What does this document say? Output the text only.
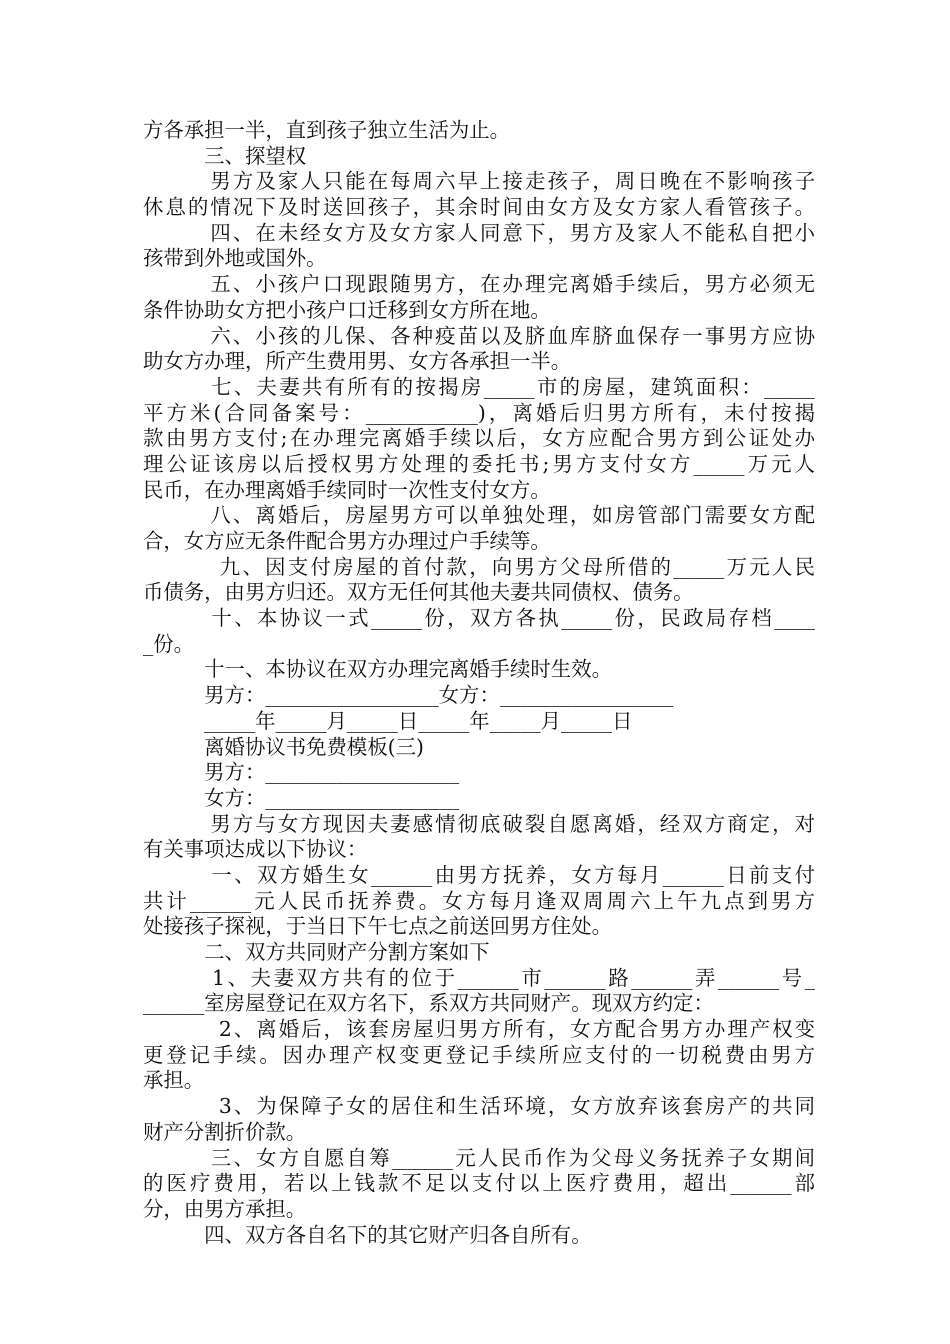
方各承担一半，直到孩子独立生活为止。
　　　三、探望权
　　　男方及家人只能在每周六早上接走孩子，周日晚在不影响孩子
休息的情况下及时送回孩子，其余时间由女方及女方家人看管孩子。
　　　四、在未经女方及女方家人同意下，男方及家人不能私自把小
孩带到外地或国外。
　　　五、小孩户口现跟随男方，在办理完离婚手续后，男方必须无
条件协助女方把小孩户口迁移到女方所在地。
　　　六、小孩的儿保、各种疫苗以及脐血库脐血保存一事男方应协
助女方办理，所产生费用男、女方各承担一半。
　　　七、夫妻共有所有的按揭房_____市的房屋，建筑面积：_____
平方米(合同备案号：___________)，离婚后归男方所有，未付按揭
款由男方支付;在办理完离婚手续以后，女方应配合男方到公证处办
理公证该房以后授权男方处理的委托书;男方支付女方_____万元人
民币，在办理离婚手续同时一次性支付女方。
　　　八、离婚后，房屋男方可以单独处理，如房管部门需要女方配
合，女方应无条件配合男方办理过户手续等。
　　　 九、因支付房屋的首付款，向男方父母所借的_____万元人民
币债务，由男方归还。双方无任何其他夫妻共同债权、债务。
　　　十、本协议一式_____份，双方各执_____份，民政局存档____
_份。
　　　十一、本协议在双方办理完离婚手续时生效。
　　　男方：_________________女方：_________________
　　　_____年_____月_____日_____年_____月_____日
　　　离婚协议书免费模板(三)
　　　男方：___________________
　　　女方：___________________
　　　男方与女方现因夫妻感情彻底破裂自愿离婚，经双方商定，对
有关事项达成以下协议：
　　　一、双方婚生女______由男方抚养，女方每月______日前支付
共计______元人民币抚养费。女方每月逢双周周六上午九点到男方
处接孩子探视，于当日下午七点之前送回男方住处。
　　　二、双方共同财产分割方案如下
　　　1、夫妻双方共有的位于______市______路______弄______号_
______室房屋登记在双方名下，系双方共同财产。现双方约定：
　　　 2、离婚后，该套房屋归男方所有，女方配合男方办理产权变
更登记手续。因办理产权变更登记手续所应支付的一切税费由男方
承担。
　　　 3、为保障子女的居住和生活环境，女方放弃该套房产的共同
财产分割折价款。
　　　三、女方自愿自筹______元人民币作为父母义务抚养子女期间
的医疗费用，若以上钱款不足以支付以上医疗费用，超出______部
分，由男方承担。
　　　四、双方各自名下的其它财产归各自所有。
